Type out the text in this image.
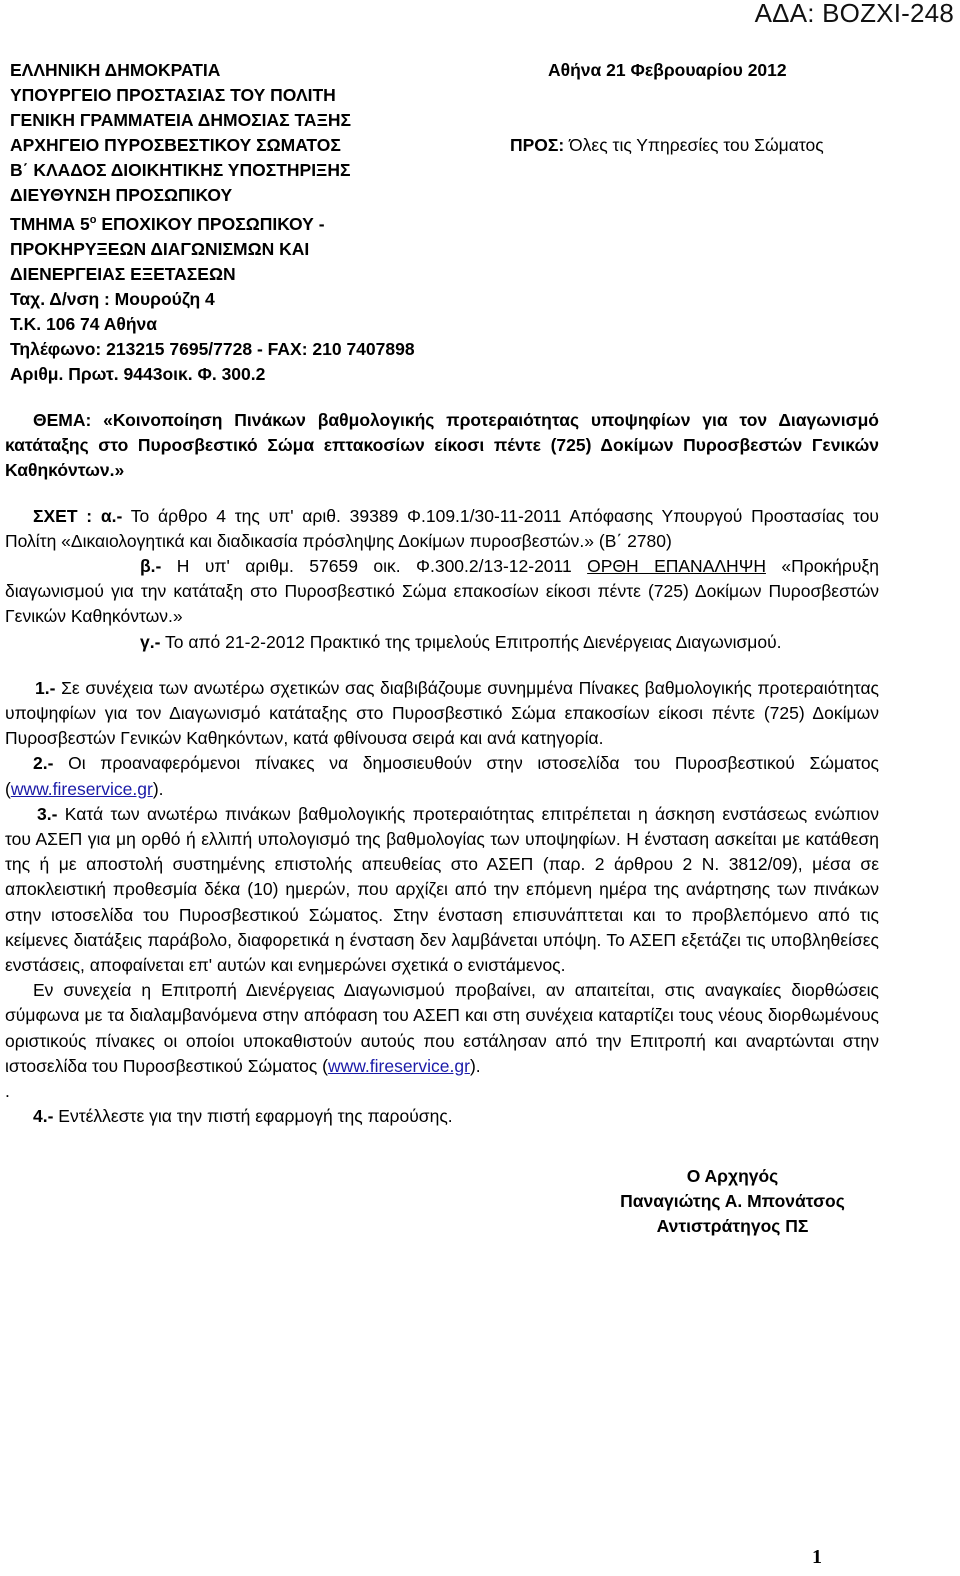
ΑΔΑ: ΒΟΖΧΙ-248
ΕΛΛΗΝΙΚΗ ΔΗΜΟΚΡΑΤΙΑ
ΥΠΟΥΡΓΕΙΟ ΠΡΟΣΤΑΣΙΑΣ ΤΟΥ ΠΟΛΙΤΗ
ΓΕΝΙΚΗ ΓΡΑΜΜΑΤΕΙΑ ΔΗΜΟΣΙΑΣ ΤΑΞΗΣ
ΑΡΧΗΓΕΙΟ ΠΥΡΟΣΒΕΣΤΙΚΟΥ ΣΩΜΑΤΟΣ
Β΄ ΚΛΑΔΟΣ ΔΙΟΙΚΗΤΙΚΗΣ ΥΠΟΣΤΗΡΙΞΗΣ
ΔΙΕΥΘΥΝΣΗ ΠΡΟΣΩΠΙΚΟΥ
ΤΜΗΜΑ $5^o$ ΕΠΟΧΙΚΟΥ ΠΡΟΣΩΠΙΚΟΥ -
ΠΡΟΚΗΡΥΞΕΩΝ ΔΙΑΓΩΝΙΣΜΩΝ ΚΑΙ
ΔΙΕΝΕΡΓΕΙΑΣ ΕΞΕΤΑΣΕΩΝ
Ταχ. Δ/νση : Μουρούζη 4
Τ.Κ. 106 74 Αθήνα
Τηλέφωνο: 213215 7695/7728 - FAX: 210 7407898
Αριθμ. Πρωτ. 9443οικ. Φ. 300.2
Αθήνα 21 Φεβρουαρίου 2012
ΠΡΟΣ: Όλες τις Υπηρεσίες του Σώματος

ΘΕΜΑ: «Κοινοποίηση Πινάκων βαθμολογικής προτεραιότητας υποψηφίων για τον Διαγωνισμό κατάταξης στο Πυροσβεστικό Σώμα επτακοσίων είκοσι πέντε (725) Δοκίμων Πυροσβεστών Γενικών Καθηκόντων.»

ΣΧΕΤ : α.- Το άρθρο 4 της υπ' αριθ. 39389 Φ.109.1/30-11-2011 Απόφασης Υπουργού Προστασίας του Πολίτη «Δικαιολογητικά και διαδικασία πρόσληψης Δοκίμων πυροσβεστών.» (Β΄ 2780)

β.- Η υπ' αριθμ. 57659 οικ. Φ.300.2/13-12-2011 ΟΡΘΗ ΕΠΑΝΑΛΗΨΗ «Προκήρυξη διαγωνισμού για την κατάταξη στο Πυροσβεστικό Σώμα επακοσίων είκοσι πέντε (725) Δοκίμων Πυροσβεστών Γενικών Καθηκόντων.»

γ.- Το από 21-2-2012 Πρακτικό της τριμελούς Επιτροπής Διενέργειας Διαγωνισμού.

1.- Σε συνέχεια των ανωτέρω σχετικών σας διαβιβάζουμε συνημμένα Πίνακες βαθμολογικής προτεραιότητας υποψηφίων για τον Διαγωνισμό κατάταξης στο Πυροσβεστικό Σώμα επακοσίων είκοσι πέντε (725) Δοκίμων Πυροσβεστών Γενικών Καθηκόντων, κατά φθίνουσα σειρά και ανά κατηγορία.

2.- Οι προαναφερόμενοι πίνακες να δημοσιευθούν στην ιστοσελίδα του Πυροσβεστικού Σώματος (www.fireservice.gr).

3.- Κατά των ανωτέρω πινάκων βαθμολογικής προτεραιότητας επιτρέπεται η άσκηση ενστάσεως ενώπιον του ΑΣΕΠ για μη ορθό ή ελλιπή υπολογισμό της βαθμολογίας των υποψηφίων. Η ένσταση ασκείται με κατάθεση της ή με αποστολή συστημένης επιστολής απευθείας στο ΑΣΕΠ (παρ. 2 άρθρου 2 Ν. 3812/09), μέσα σε αποκλειστική προθεσμία δέκα (10) ημερών, που αρχίζει από την επόμενη ημέρα της ανάρτησης των πινάκων στην ιστοσελίδα του Πυροσβεστικού Σώματος. Στην ένσταση επισυνάπτεται και το προβλεπόμενο από τις κείμενες διατάξεις παράβολο, διαφορετικά η ένσταση δεν λαμβάνεται υπόψη. Το ΑΣΕΠ εξετάζει τις υποβληθείσες ενστάσεις, αποφαίνεται επ' αυτών και ενημερώνει σχετικά ο ενιστάμενος.

Εν συνεχεία η Επιτροπή Διενέργειας Διαγωνισμού προβαίνει, αν απαιτείται, στις αναγκαίες διορθώσεις σύμφωνα με τα διαλαμβανόμενα στην απόφαση του ΑΣΕΠ και στη συνέχεια καταρτίζει τους νέους διορθωμένους οριστικούς πίνακες οι οποίοι υποκαθιστούν αυτούς που εστάλησαν από την Επιτροπή και αναρτώνται στην ιστοσελίδα του Πυροσβεστικού Σώματος (www.fireservice.gr).

.

4.- Εντέλλεστε για την πιστή εφαρμογή της παρούσης.

Ο Αρχηγός
Παναγιώτης Α. Μπονάτσος
Αντιστράτηγος ΠΣ
1
